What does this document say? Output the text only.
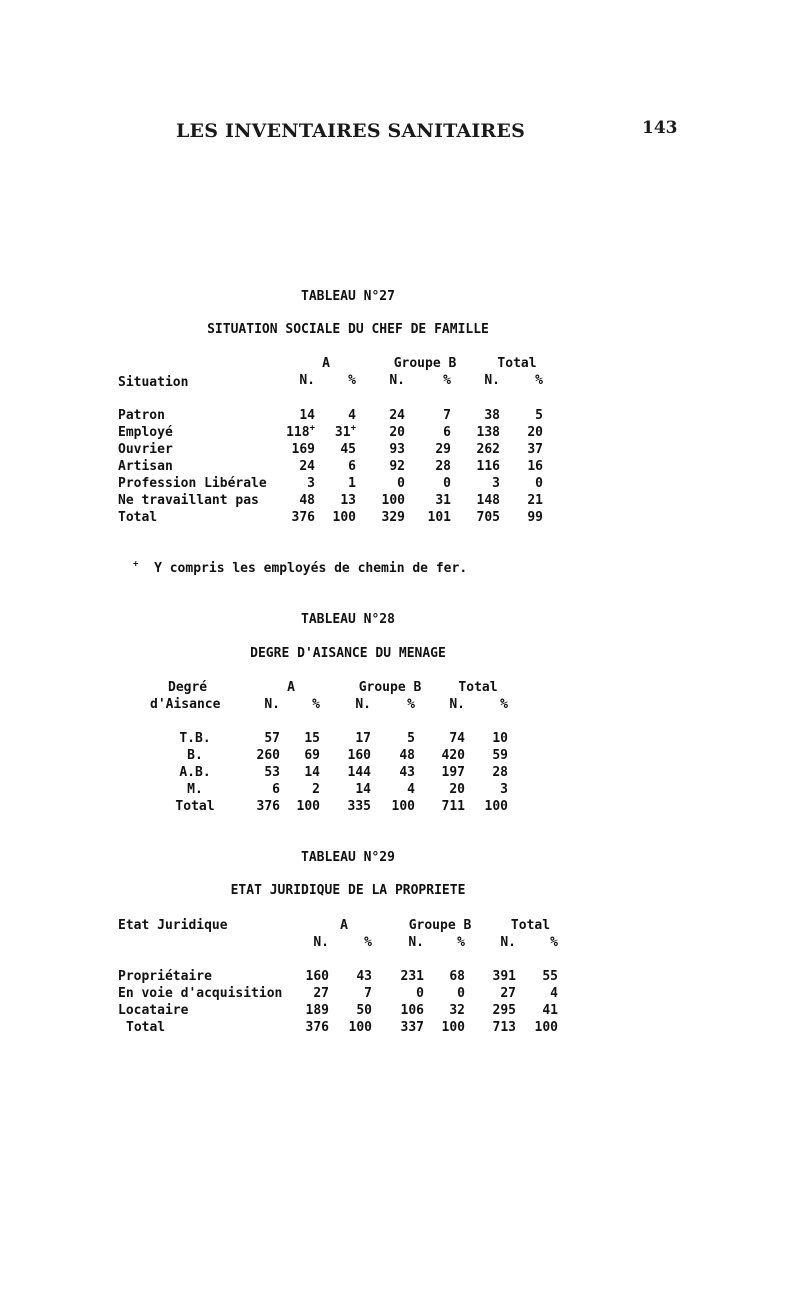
LES INVENTAIRES SANITAIRES	143
TABLEAU N°27
SITUATION SOCIALE DU CHEF DE FAMILLE
A	Groupe B	Total
Situation	N.	%	N.	%	N.	%
Patron	14	4	24	7	38	5
Employé	118+	31+	20	6	138	20
Ouvrier	169	45	93	29	262	37
Artisan	24	6	92	28	116	16
Profession Libérale	3	1	0	0	3	0
Ne travaillant pas	48	13	100	31	148	21
Total	376	100	329	101	705	99
+ Y compris les employés de chemin de fer.
TABLEAU N°28
DEGRE D'AISANCE DU MENAGE
Degré
d'Aisance
A	Groupe B	Total
N.	%	N.	%	N.	%
T.B.	57	15	17	5	74	10
B.	260	69	160	48	420	59
A.B.	53	14	144	43	197	28
M.	6	2	14	4	20	3
Total	376	100	335	100	711	100
TABLEAU N°29
ETAT JURIDIQUE DE LA PROPRIETE
Etat Juridique	A	Groupe B	Total
N.	%	N.	%	N.	%
Propriétaire	160	43	231	68	391	55
En voie d'acquisition	27	7	0	0	27	4
Locataire	189	50	106	32	295	41
Total	376	100	337	100	713	100
